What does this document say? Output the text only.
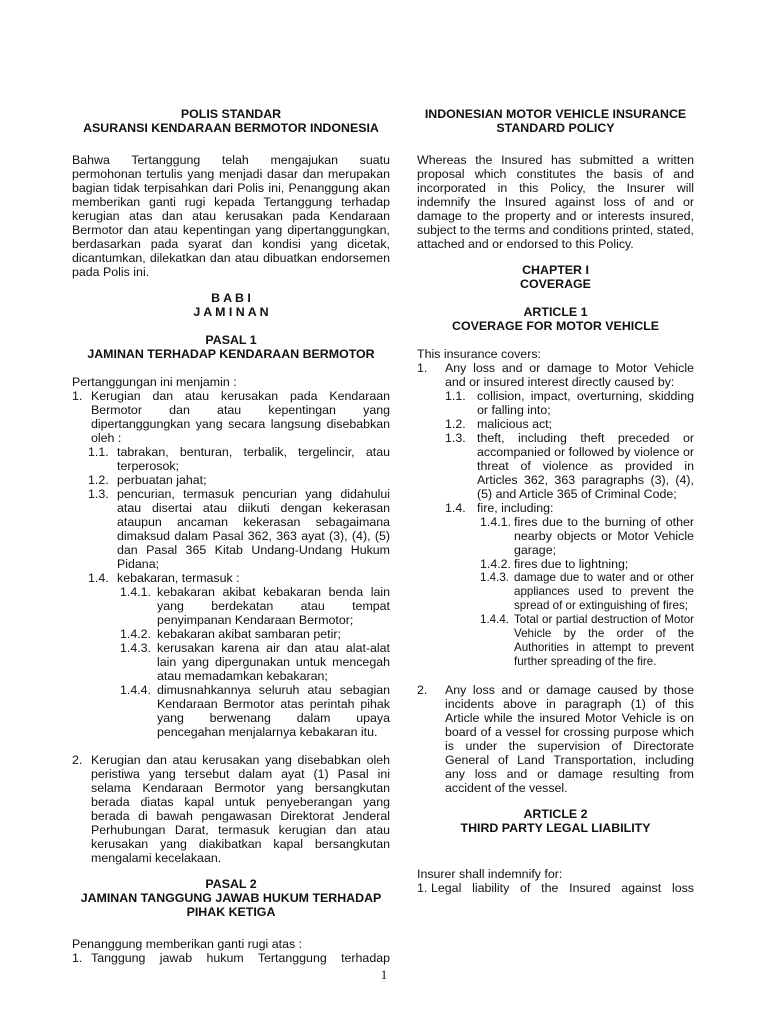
POLIS STANDAR

ASURANSI KENDARAAN BERMOTOR INDONESIA

Bahwa Tertanggung telah mengajukan suatu permohonan tertulis yang menjadi dasar dan merupakan bagian tidak terpisahkan dari Polis ini, Penanggung akan memberikan ganti rugi kepada Tertanggung terhadap kerugian atas dan atau kerusakan pada Kendaraan Bermotor dan atau kepentingan yang dipertanggungkan, berdasarkan pada syarat dan kondisi yang dicetak, dicantumkan, dilekatkan dan atau dibuatkan endorsemen pada Polis ini.

B A B I

J A M I N A N

PASAL 1

JAMINAN TERHADAP KENDARAAN BERMOTOR

Pertanggungan ini menjamin :

1. Kerugian dan atau kerusakan pada Kendaraan Bermotor dan atau kepentingan yang dipertanggungkan yang secara langsung disebabkan oleh :
1.1. tabrakan, benturan, terbalik, tergelincir, atau terperosok;
1.2. perbuatan jahat;
1.3. pencurian, termasuk pencurian yang didahului atau disertai atau diikuti dengan kekerasan ataupun ancaman kekerasan sebagaimana dimaksud dalam Pasal 362, 363 ayat (3), (4), (5) dan Pasal 365 Kitab Undang-Undang Hukum Pidana;
1.4. kebakaran, termasuk :
1.4.1. kebakaran akibat kebakaran benda lain yang berdekatan atau tempat penyimpanan Kendaraan Bermotor;
1.4.2. kebakaran akibat sambaran petir;
1.4.3. kerusakan karena air dan atau alat-alat lain yang dipergunakan untuk mencegah atau memadamkan kebakaran;
1.4.4. dimusnahkannya seluruh atau sebagian Kendaraan Bermotor atas perintah pihak yang berwenang dalam upaya pencegahan menjalarnya kebakaran itu.
2. Kerugian dan atau kerusakan yang disebabkan oleh peristiwa yang tersebut dalam ayat (1) Pasal ini selama Kendaraan Bermotor yang bersangkutan berada diatas kapal untuk penyeberangan yang berada di bawah pengawasan Direktorat Jenderal Perhubungan Darat, termasuk kerugian dan atau kerusakan yang diakibatkan kapal bersangkutan mengalami kecelakaan.

PASAL 2

JAMINAN TANGGUNG JAWAB HUKUM TERHADAP PIHAK KETIGA

Penanggung memberikan ganti rugi atas :

1. Tanggung jawab hukum Tertanggung terhadap

INDONESIAN MOTOR VEHICLE INSURANCE

STANDARD POLICY

Whereas the Insured has submitted a written proposal which constitutes the basis of and incorporated in this Policy, the Insurer will indemnify the Insured against loss of and or damage to the property and or interests insured, subject to the terms and conditions printed, stated, attached and or endorsed to this Policy.

CHAPTER I

COVERAGE

ARTICLE 1

COVERAGE FOR MOTOR VEHICLE

This insurance covers:

1.	Any loss and or damage to Motor Vehicle and or insured interest directly caused by:
1.1. collision, impact, overturning, skidding or falling into;
1.2. malicious act;
1.3. theft, including theft preceded or accompanied or followed by violence or threat of violence as provided in Articles 362, 363 paragraphs (3), (4), (5) and Article 365 of Criminal Code;
1.4. fire, including:
1.4.1. fires due to the burning of other nearby objects or Motor Vehicle garage;
1.4.2. fires due to lightning;
1.4.3. damage due to water and or other appliances used to prevent the spread of or extinguishing of fires;
1.4.4. Total or partial destruction of Motor Vehicle by the order of the Authorities in attempt to prevent further spreading of the fire.
2.	Any loss and or damage caused by those incidents above in paragraph (1) of this Article while the insured Motor Vehicle is on board of a vessel for crossing purpose which is under the supervision of Directorate General of Land Transportation, including any loss and or damage resulting from accident of the vessel.

ARTICLE 2

THIRD PARTY LEGAL LIABILITY

Insurer shall indemnify for:

1. Legal liability of the Insured against loss
1
